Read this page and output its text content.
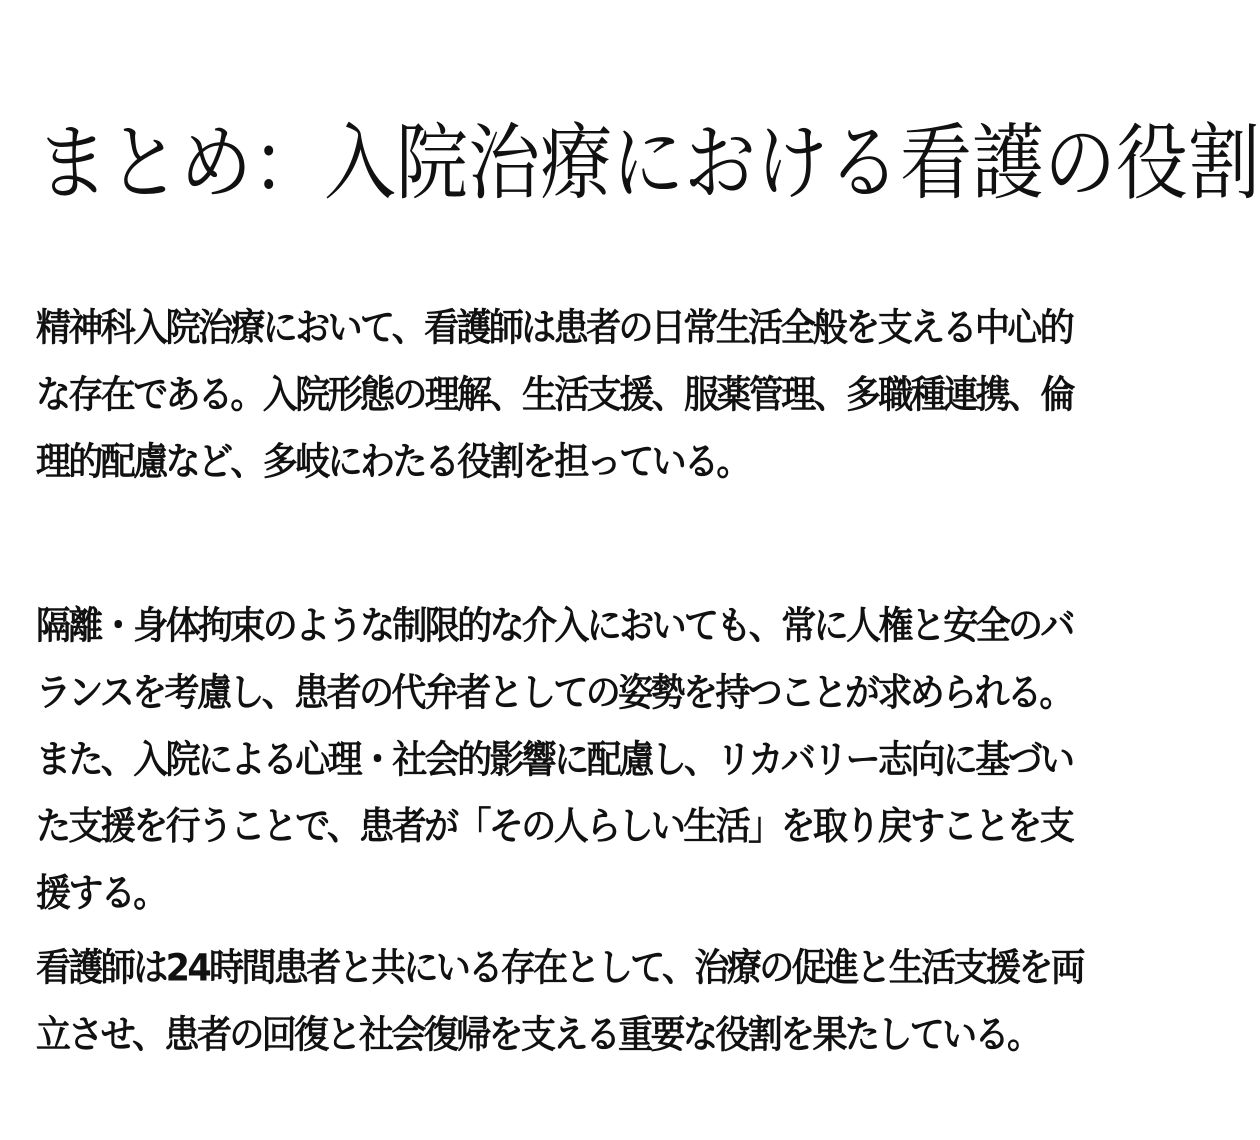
まとめ：入院治療における看護の役割

精神科入院治療において、看護師は患者の日常生活全般を支える中心的な存在である。入院形態の理解、生活支援、服薬管理、多職種連携、倫理的配慮など、多岐にわたる役割を担っている。

隔離・身体拘束のような制限的な介入においても、常に人権と安全のバランスを考慮し、患者の代弁者としての姿勢を持つことが求められる。また、入院による心理・社会的影響に配慮し、リカバリー志向に基づいた支援を行うことで、患者が「その人らしい生活」を取り戻すことを支援する。

看護師は24時間患者と共にいる存在として、治療の促進と生活支援を両立させ、患者の回復と社会復帰を支える重要な役割を果たしている。
